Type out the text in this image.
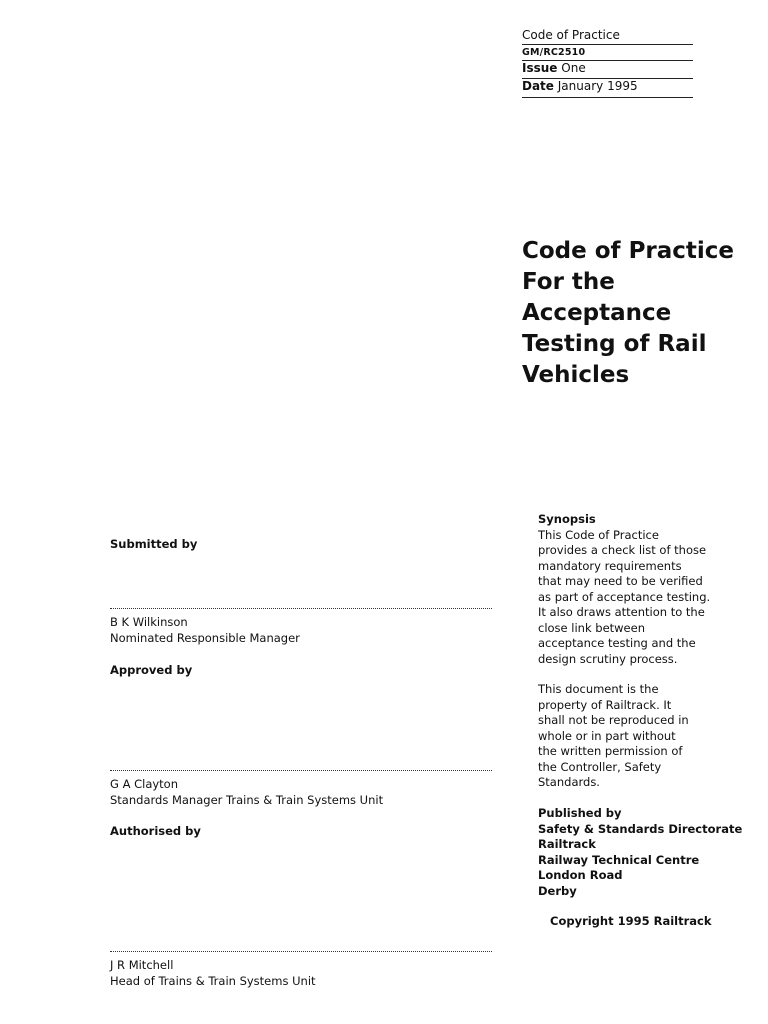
Code of Practice
GM/RC2510
Issue One
Date January 1995
Code of Practice
For the
Acceptance
Testing of Rail
Vehicles
Submitted by
B K Wilkinson
Nominated Responsible Manager
Approved by
G A Clayton
Standards Manager Trains & Train Systems Unit
Authorised by
J R Mitchell
Head of Trains & Train Systems Unit
Synopsis
This Code of Practice
provides a check list of those
mandatory requirements
that may need to be verified
as part of acceptance testing.
It also draws attention to the
close link between
acceptance testing and the
design scrutiny process.
This document is the
property of Railtrack. It
shall not be reproduced in
whole or in part without
the written permission of
the Controller, Safety
Standards.
Published by
Safety & Standards Directorate
Railtrack
Railway Technical Centre
London Road
Derby
Copyright 1995 Railtrack
